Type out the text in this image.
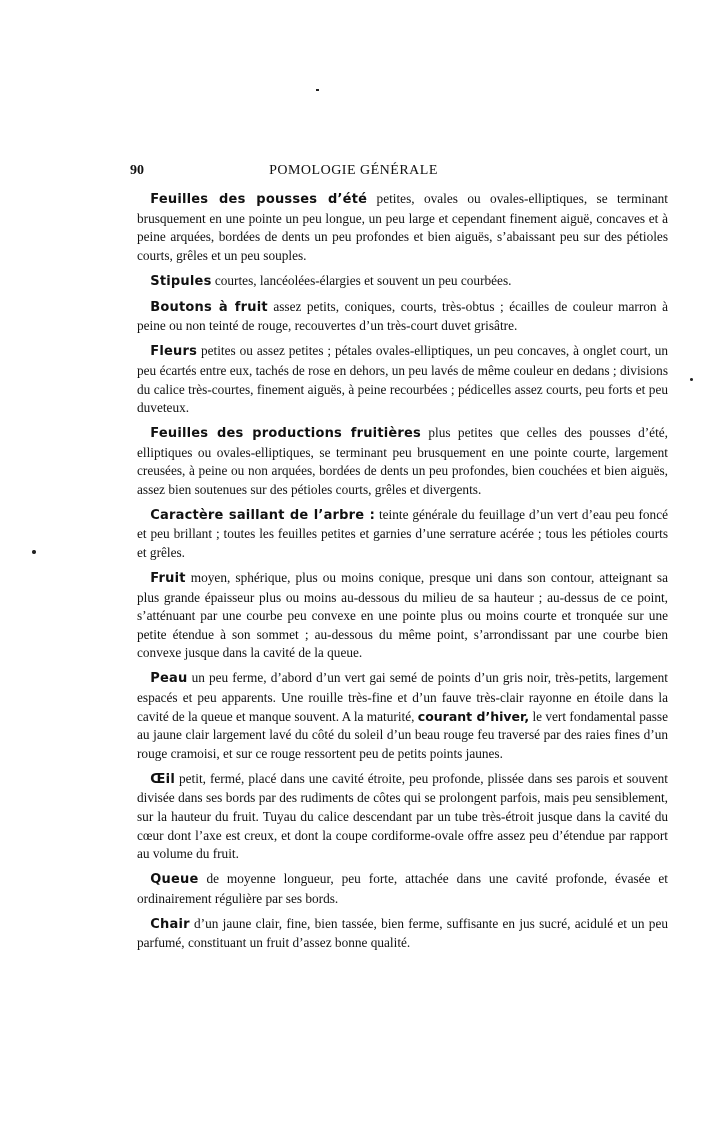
90	POMOLOGIE GÉNÉRALE

 Feuilles des pousses d’été petites, ovales ou ovales-elliptiques, se terminant brusquement en une pointe un peu longue, un peu large et cependant finement aiguë, concaves et à peine arquées, bordées de dents un peu profondes et bien aiguës, s’abaissant peu sur des pétioles courts, grêles et un peu souples.

 Stipules courtes, lancéolées-élargies et souvent un peu courbées.

 Boutons à fruit assez petits, coniques, courts, très-obtus ; écailles de couleur marron à peine ou non teinté de rouge, recouvertes d’un très-court duvet grisâtre.

 Fleurs petites ou assez petites ; pétales ovales-elliptiques, un peu concaves, à onglet court, un peu écartés entre eux, tachés de rose en dehors, un peu lavés de même couleur en dedans ; divisions du calice très-courtes, finement aiguës, à peine recourbées ; pédicelles assez courts, peu forts et peu duveteux.

 Feuilles des productions fruitières plus petites que celles des pousses d’été, elliptiques ou ovales-elliptiques, se terminant peu brusquement en une pointe courte, largement creusées, à peine ou non arquées, bordées de dents un peu profondes, bien couchées et bien aiguës, assez bien soutenues sur des pétioles courts, grêles et divergents.

 Caractère saillant de l’arbre : teinte générale du feuillage d’un vert d’eau peu foncé et peu brillant ; toutes les feuilles petites et garnies d’une serrature acérée ; tous les pétioles courts et grêles.

 Fruit moyen, sphérique, plus ou moins conique, presque uni dans son contour, atteignant sa plus grande épaisseur plus ou moins au-dessous du milieu de sa hauteur ; au-dessus de ce point, s’atténuant par une courbe peu convexe en une pointe plus ou moins courte et tronquée sur une petite étendue à son sommet ; au-dessous du même point, s’arrondissant par une courbe bien convexe jusque dans la cavité de la queue.

 Peau un peu ferme, d’abord d’un vert gai semé de points d’un gris noir, très-petits, largement espacés et peu apparents. Une rouille très-fine et d’un fauve très-clair rayonne en étoile dans la cavité de la queue et manque souvent. A la maturité, courant d’hiver, le vert fondamental passe au jaune clair largement lavé du côté du soleil d’un beau rouge feu traversé par des raies fines d’un rouge cramoisi, et sur ce rouge ressortent peu de petits points jaunes.

 Œil petit, fermé, placé dans une cavité étroite, peu profonde, plissée dans ses parois et souvent divisée dans ses bords par des rudiments de côtes qui se prolongent parfois, mais peu sensiblement, sur la hauteur du fruit. Tuyau du calice descendant par un tube très-étroit jusque dans la cavité du cœur dont l’axe est creux, et dont la coupe cordiforme-ovale offre assez peu d’étendue par rapport au volume du fruit.

 Queue de moyenne longueur, peu forte, attachée dans une cavité profonde, évasée et ordinairement régulière par ses bords.

 Chair d’un jaune clair, fine, bien tassée, bien ferme, suffisante en jus sucré, acidulé et un peu parfumé, constituant un fruit d’assez bonne qualité.
